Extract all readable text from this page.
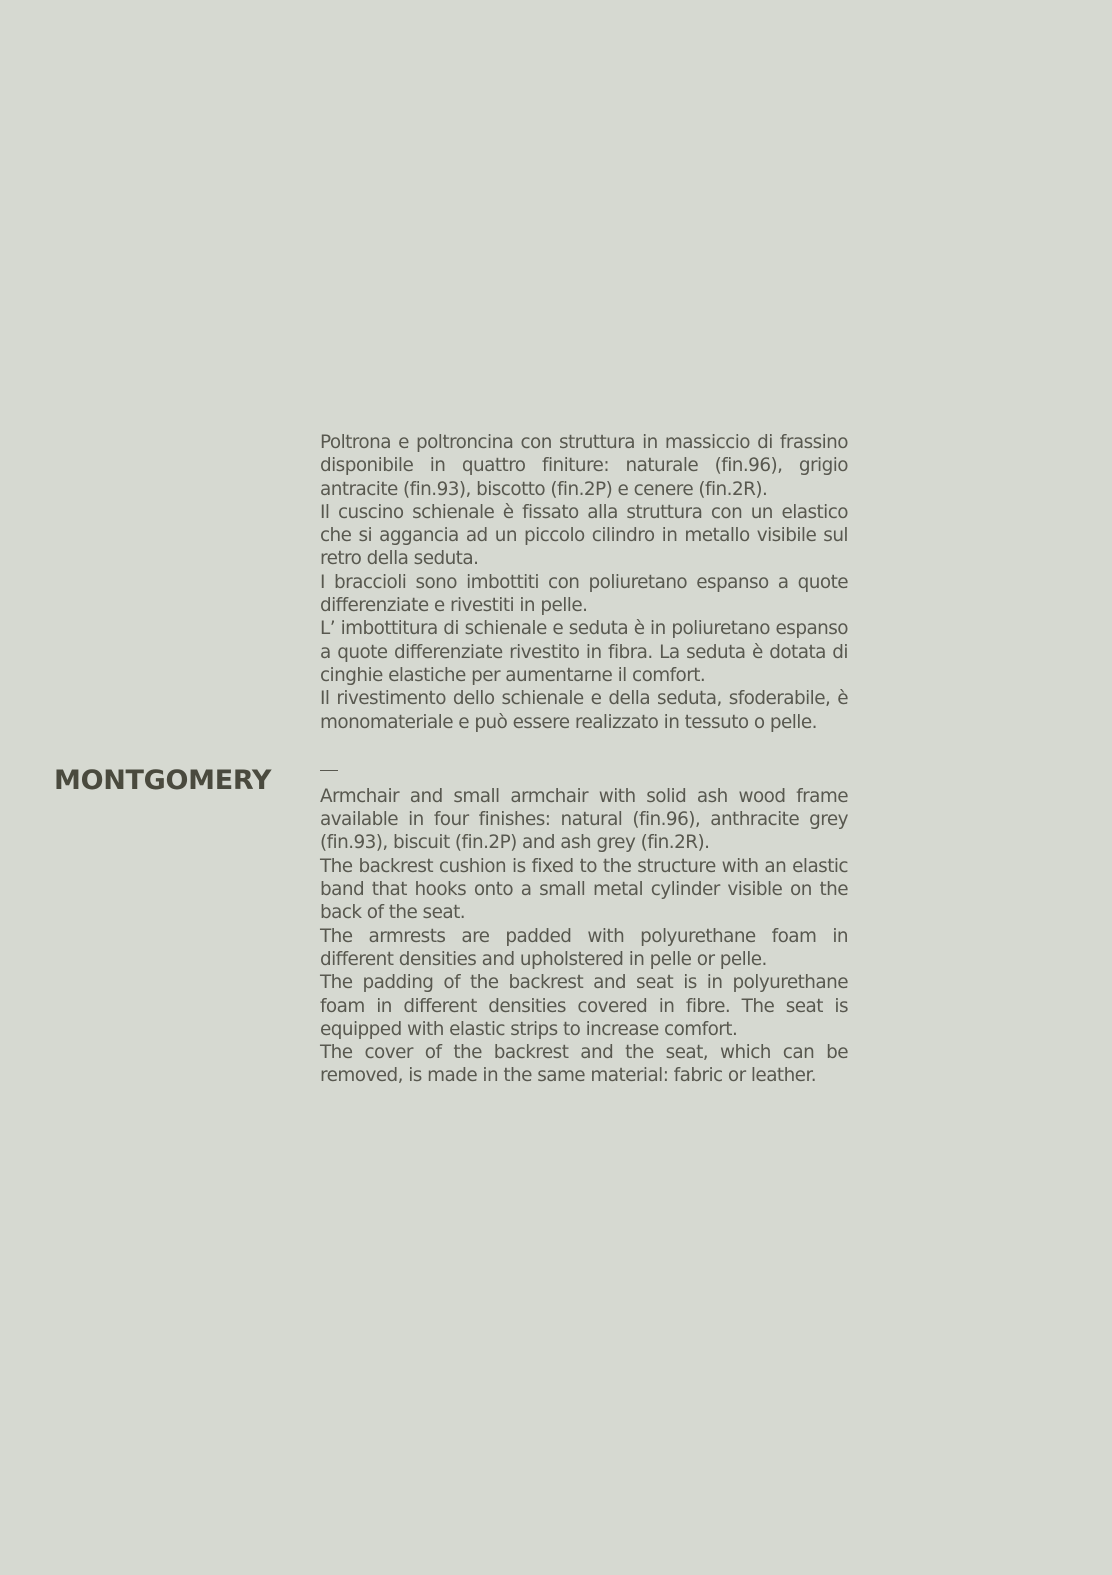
MONTGOMERY

Poltrona e poltroncina con struttura in massiccio di frassino disponibile in quattro finiture: naturale (fin.96), grigio antracite (fin.93), biscotto (fin.2P) e cenere (fin.2R).

Il cuscino schienale è fissato alla struttura con un elastico che si aggancia ad un piccolo cilindro in metallo visibile sul retro della seduta.

I braccioli sono imbottiti con poliuretano espanso a quote differenziate e rivestiti in pelle.

L’ imbottitura di schienale e seduta è in poliuretano espanso a quote differenziate rivestito in fibra. La seduta è dotata di cinghie elastiche per aumentarne il comfort.

Il rivestimento dello schienale e della seduta, sfoderabile, è monomateriale e può essere realizzato in tessuto o pelle.

Armchair and small armchair with solid ash wood frame available in four finishes: natural (fin.96), anthracite grey (fin.93), biscuit (fin.2P) and ash grey (fin.2R).

The backrest cushion is fixed to the structure with an elastic band that hooks onto a small metal cylinder visible on the back of the seat.

The armrests are padded with polyurethane foam in different densities and upholstered in pelle or pelle.

The padding of the backrest and seat is in polyurethane foam in different densities covered in fibre. The seat is equipped with elastic strips to increase comfort.

The cover of the backrest and the seat, which can be removed, is made in the same material: fabric or leather.
